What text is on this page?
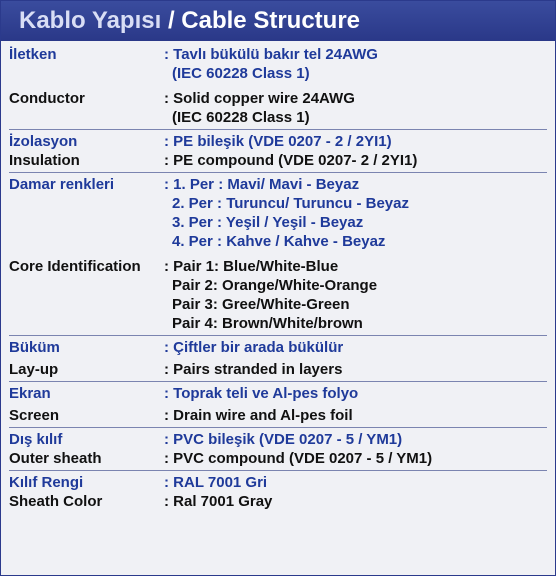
Kablo Yapısı / Cable Structure
İletken	: Tavlı bükülü bakır tel 24AWG
(IEC 60228 Class 1)
Conductor	: Solid copper wire 24AWG
(IEC 60228 Class 1)
İzolasyon	: PE bileşik (VDE 0207 - 2 / 2YI1)
Insulation	: PE compound (VDE 0207- 2 / 2YI1)
Damar renkleri	: 1. Per : Mavi/ Mavi - Beyaz
2. Per : Turuncu/ Turuncu - Beyaz
3. Per : Yeşil / Yeşil - Beyaz
4. Per : Kahve / Kahve - Beyaz
Core Identification	: Pair 1: Blue/White-Blue
Pair 2: Orange/White-Orange
Pair 3: Gree/White-Green
Pair 4: Brown/White/brown
Büküm	: Çiftler bir arada bükülür
Lay-up	: Pairs stranded in layers
Ekran	: Toprak teli ve Al-pes folyo
Screen	: Drain wire and Al-pes foil
Dış kılıf	: PVC bileşik (VDE 0207 - 5 / YM1)
Outer sheath	: PVC compound (VDE 0207 - 5 / YM1)
Kılıf Rengi	: RAL 7001 Gri
Sheath Color	: Ral 7001 Gray
